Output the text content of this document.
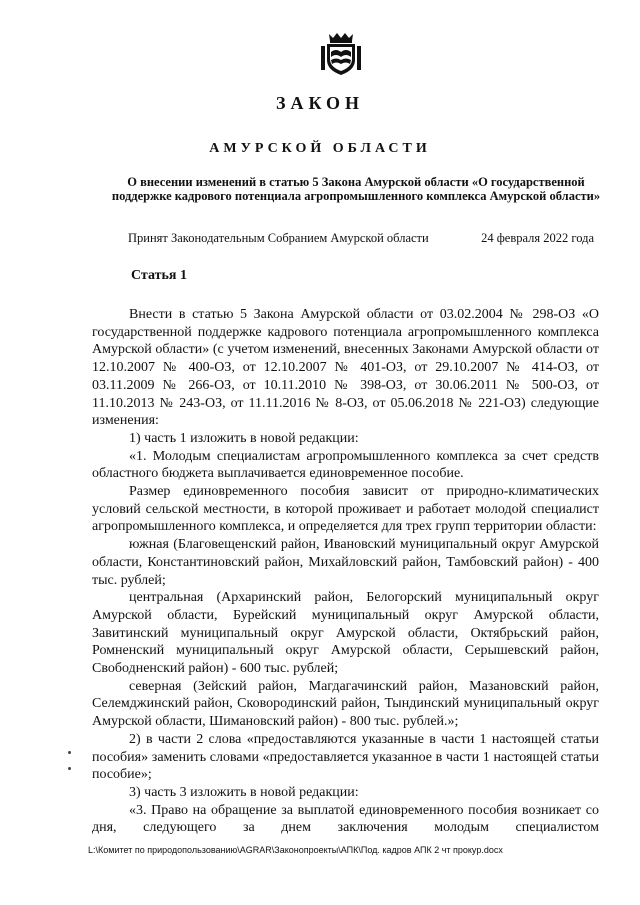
ЗАКОН
АМУРСКОЙ ОБЛАСТИ
О внесении изменений в статью 5 Закона Амурской области «О государственной поддержке кадрового потенциала агропромышленного комплекса Амурской области»
Принят Законодательным Собранием Амурской области	24 февраля 2022 года
Статья 1

Внести в статью 5 Закона Амурской области от 03.02.2004 № 298-ОЗ «О государственной поддержке кадрового потенциала агропромышленного комплекса Амурской области» (с учетом изменений, внесенных Законами Амурской области от 12.10.2007 № 400-ОЗ, от 12.10.2007 № 401-ОЗ, от 29.10.2007 № 414-ОЗ, от 03.11.2009 № 266-ОЗ, от 10.11.2010 № 398-ОЗ, от 30.06.2011 № 500-ОЗ, от 11.10.2013 № 243-ОЗ, от 11.11.2016 № 8-ОЗ, от 05.06.2018 № 221-ОЗ) следующие изменения:

1) часть 1 изложить в новой редакции:

«1. Молодым специалистам агропромышленного комплекса за счет средств областного бюджета выплачивается единовременное пособие.

Размер единовременного пособия зависит от природно-климатических условий сельской местности, в которой проживает и работает молодой специалист агропромышленного комплекса, и определяется для трех групп территории области:

южная (Благовещенский район, Ивановский муниципальный округ Амурской области, Константиновский район, Михайловский район, Тамбовский район) - 400 тыс. рублей;

центральная (Архаринский район, Белогорский муниципальный округ Амурской области, Бурейский муниципальный округ Амурской области, Завитинский муниципальный округ Амурской области, Октябрьский район, Ромненский муниципальный округ Амурской области, Серышевский район, Свободненский район) - 600 тыс. рублей;

северная (Зейский район, Магдагачинский район, Мазановский район, Селемджинский район, Сковородинский район, Тындинский муниципальный округ Амурской области, Шимановский район) - 800 тыс. рублей.»;

2) в части 2 слова «предоставляются указанные в части 1 настоящей статьи пособия» заменить словами «предоставляется указанное в части 1 настоящей статьи пособие»;

3) часть 3 изложить в новой редакции:

«3. Право на обращение за выплатой единовременного пособия возникает со дня, следующего за днем заключения молодым специалистом

L:\Комитет по природопользованию\AGRAR\Законопроекты\АПК\Под. кадров АПК 2 чт прокур.docx
